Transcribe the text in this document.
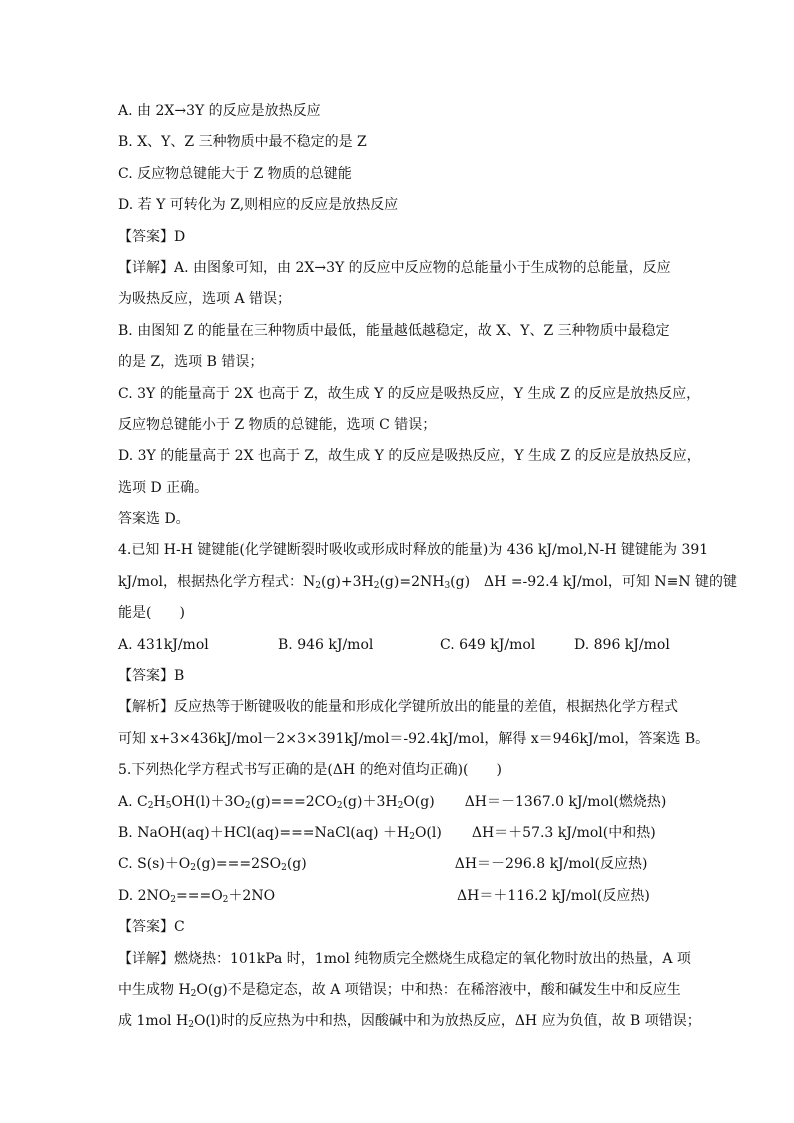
A. 由 2X→3Y 的反应是放热反应
B. X、Y、Z 三种物质中最不稳定的是 Z
C. 反应物总键能大于 Z 物质的总键能
D. 若 Y 可转化为 Z,则相应的反应是放热反应
【答案】D
【详解】A. 由图象可知，由 2X→3Y 的反应中反应物的总能量小于生成物的总能量，反应
为吸热反应，选项 A 错误；
B. 由图知 Z 的能量在三种物质中最低，能量越低越稳定，故 X、Y、Z 三种物质中最稳定
的是 Z，选项 B 错误；
C. 3Y 的能量高于 2X 也高于 Z，故生成 Y 的反应是吸热反应，Y 生成 Z 的反应是放热反应，
反应物总键能小于 Z 物质的总键能，选项 C 错误；
D. 3Y 的能量高于 2X 也高于 Z，故生成 Y 的反应是吸热反应，Y 生成 Z 的反应是放热反应，
选项 D 正确。
答案选 D。
4.已知 H-H 键键能(化学键断裂时吸收或形成时释放的能量)为 436 kJ/mol,N-H 键键能为 391
kJ/mol，根据热化学方程式：$N_2(g)+3H_2(g)=2NH_3(g)$　ΔH =-92.4 kJ/mol，可知 N≡N 键的键
能是(　　)
A. 431kJ/mol	B. 946 kJ/mol	C. 649 kJ/mol	D. 896 kJ/mol
【答案】B
【解析】反应热等于断键吸收的能量和形成化学键所放出的能量的差值，根据热化学方程式
可知 x+3×436kJ/mol－2×3×391kJ/mol＝-92.4kJ/mol，解得 x＝946kJ/mol，答案选 B。
5.下列热化学方程式书写正确的是(ΔH 的绝对值均正确)(　　)
A. $C_2H_5OH(l)+3O_2(g)===2CO_2(g)+3H_2O(g)$ ΔH＝－1367.0 kJ/mol(燃烧热)
B. NaOH(aq)＋HCl(aq)===NaCl(aq) $+H_2O(l)$ ΔH＝＋57.3 kJ/mol(中和热)
C. $S(s)+O_2(g)===2SO_2(g)$	ΔH＝－296.8 kJ/mol(反应热)
D. $2NO_2===O_2+2NO$	ΔH＝＋116.2 kJ/mol(反应热)
【答案】C
【详解】燃烧热：101kPa 时，1mol 纯物质完全燃烧生成稳定的氧化物时放出的热量，A 项
中生成物 $H_2O(g)$不是稳定态，故 A 项错误；中和热：在稀溶液中，酸和碱发生中和反应生
成 1mol $H_2O(l)$时的反应热为中和热，因酸碱中和为放热反应，ΔH 应为负值，故 B 项错误；
